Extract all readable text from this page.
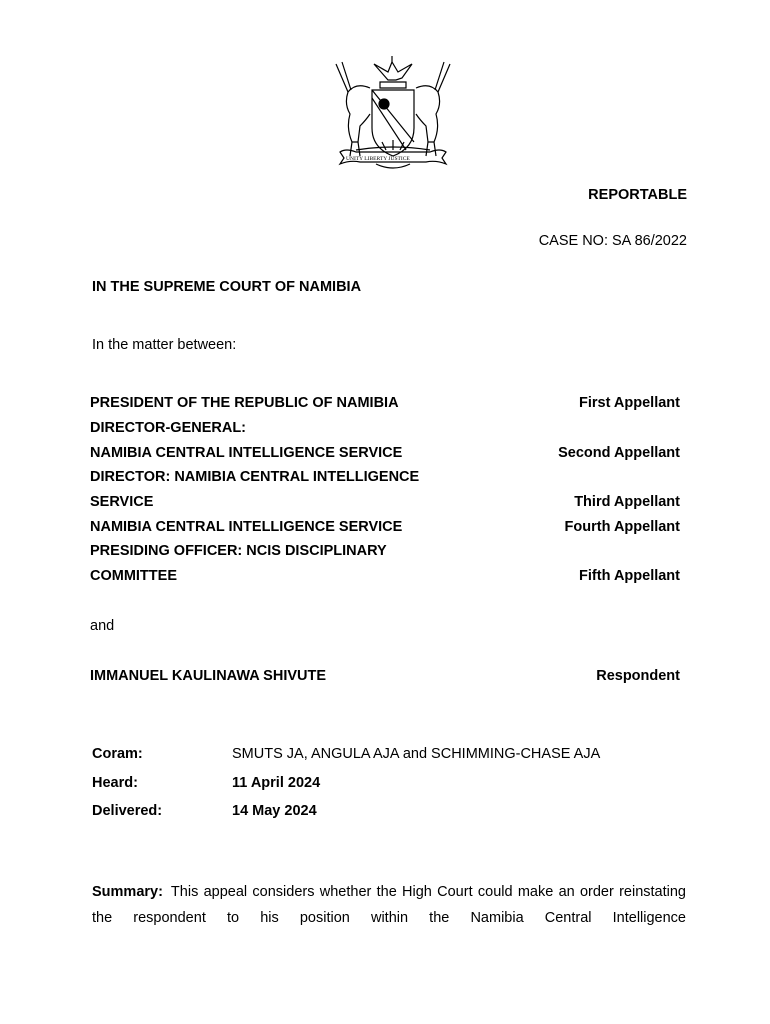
UNITY LIBERTY JUSTICE
REPORTABLE
CASE NO: SA 86/2022
IN THE SUPREME COURT OF NAMIBIA
In the matter between:
PRESIDENT OF THE REPUBLIC OF NAMIBIA	First Appellant
DIRECTOR-GENERAL:
NAMIBIA CENTRAL INTELLIGENCE SERVICE	Second Appellant
DIRECTOR: NAMIBIA CENTRAL INTELLIGENCE
SERVICE	Third Appellant
NAMIBIA CENTRAL INTELLIGENCE SERVICE	Fourth Appellant
PRESIDING OFFICER: NCIS DISCIPLINARY
COMMITTEE	Fifth Appellant
and
IMMANUEL KAULINAWA SHIVUTE	Respondent
Coram:	SMUTS JA, ANGULA AJA and SCHIMMING-CHASE AJA
Heard:	11 April 2024
Delivered:	14 May 2024
Summary: This appeal considers whether the High Court could make an order reinstating the respondent to his position within the Namibia Central Intelligence
